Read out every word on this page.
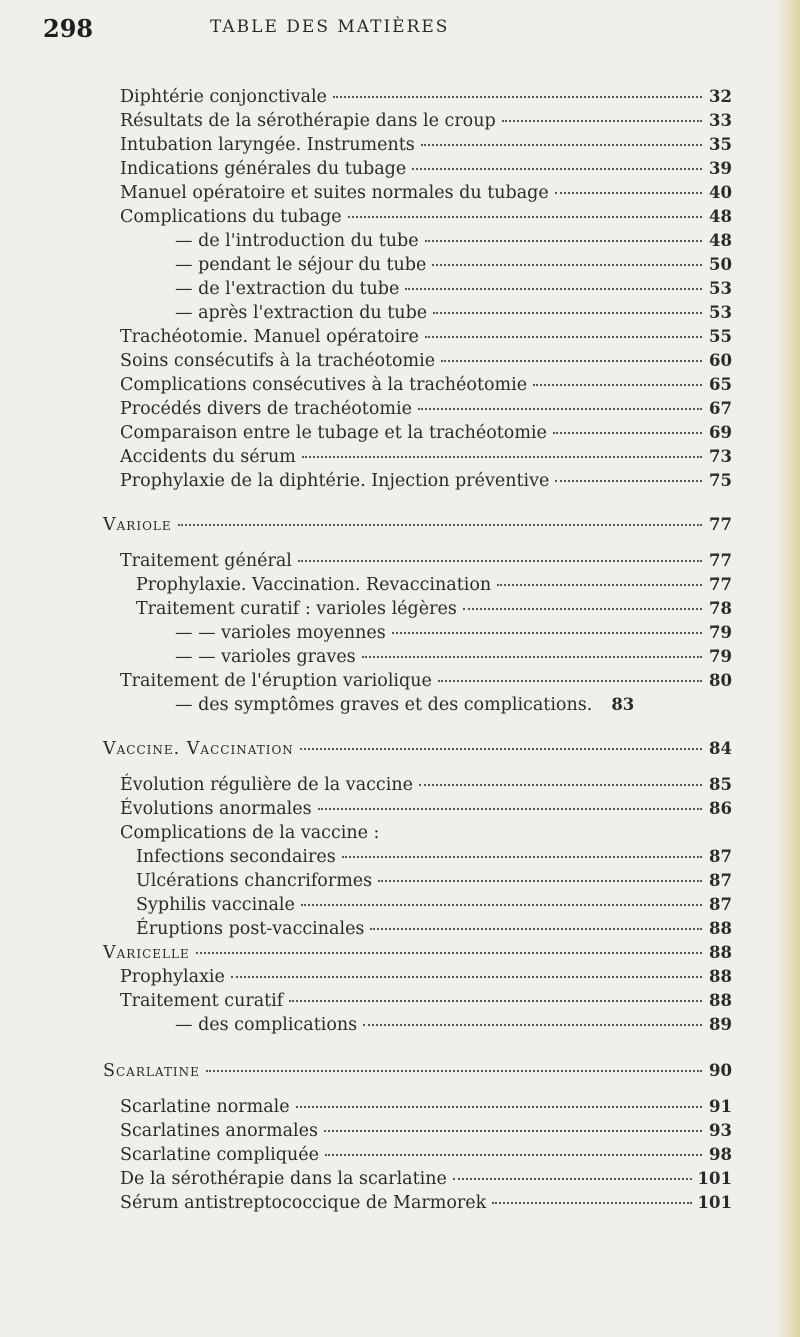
298	TABLE DES MATIÈRES
Diphtérie conjonctivale	32
Résultats de la sérothérapie dans le croup	33
Intubation laryngée. Instruments	35
Indications générales du tubage	39
Manuel opératoire et suites normales du tubage	40
Complications du tubage	48
— de l'introduction du tube	48
— pendant le séjour du tube	50
— de l'extraction du tube	53
— après l'extraction du tube	53
Trachéotomie. Manuel opératoire	55
Soins consécutifs à la trachéotomie	60
Complications consécutives à la trachéotomie	65
Procédés divers de trachéotomie	67
Comparaison entre le tubage et la trachéotomie	69
Accidents du sérum	73
Prophylaxie de la diphtérie. Injection préventive	75
Variole	77
Traitement général	77
Prophylaxie. Vaccination. Revaccination	77
Traitement curatif : varioles légères	78
— — varioles moyennes	79
— — varioles graves	79
Traitement de l'éruption variolique	80
— des symptômes graves et des complications. 83
Vaccine. Vaccination	84
Évolution régulière de la vaccine	85
Évolutions anormales	86
Complications de la vaccine :
Infections secondaires	87
Ulcérations chancriformes	87
Syphilis vaccinale	87
Éruptions post-vaccinales	88
Varicelle	88
Prophylaxie	88
Traitement curatif	88
— des complications	89
Scarlatine	90
Scarlatine normale	91
Scarlatines anormales	93
Scarlatine compliquée	98
De la sérothérapie dans la scarlatine	101
Sérum antistreptococcique de Marmorek	101
